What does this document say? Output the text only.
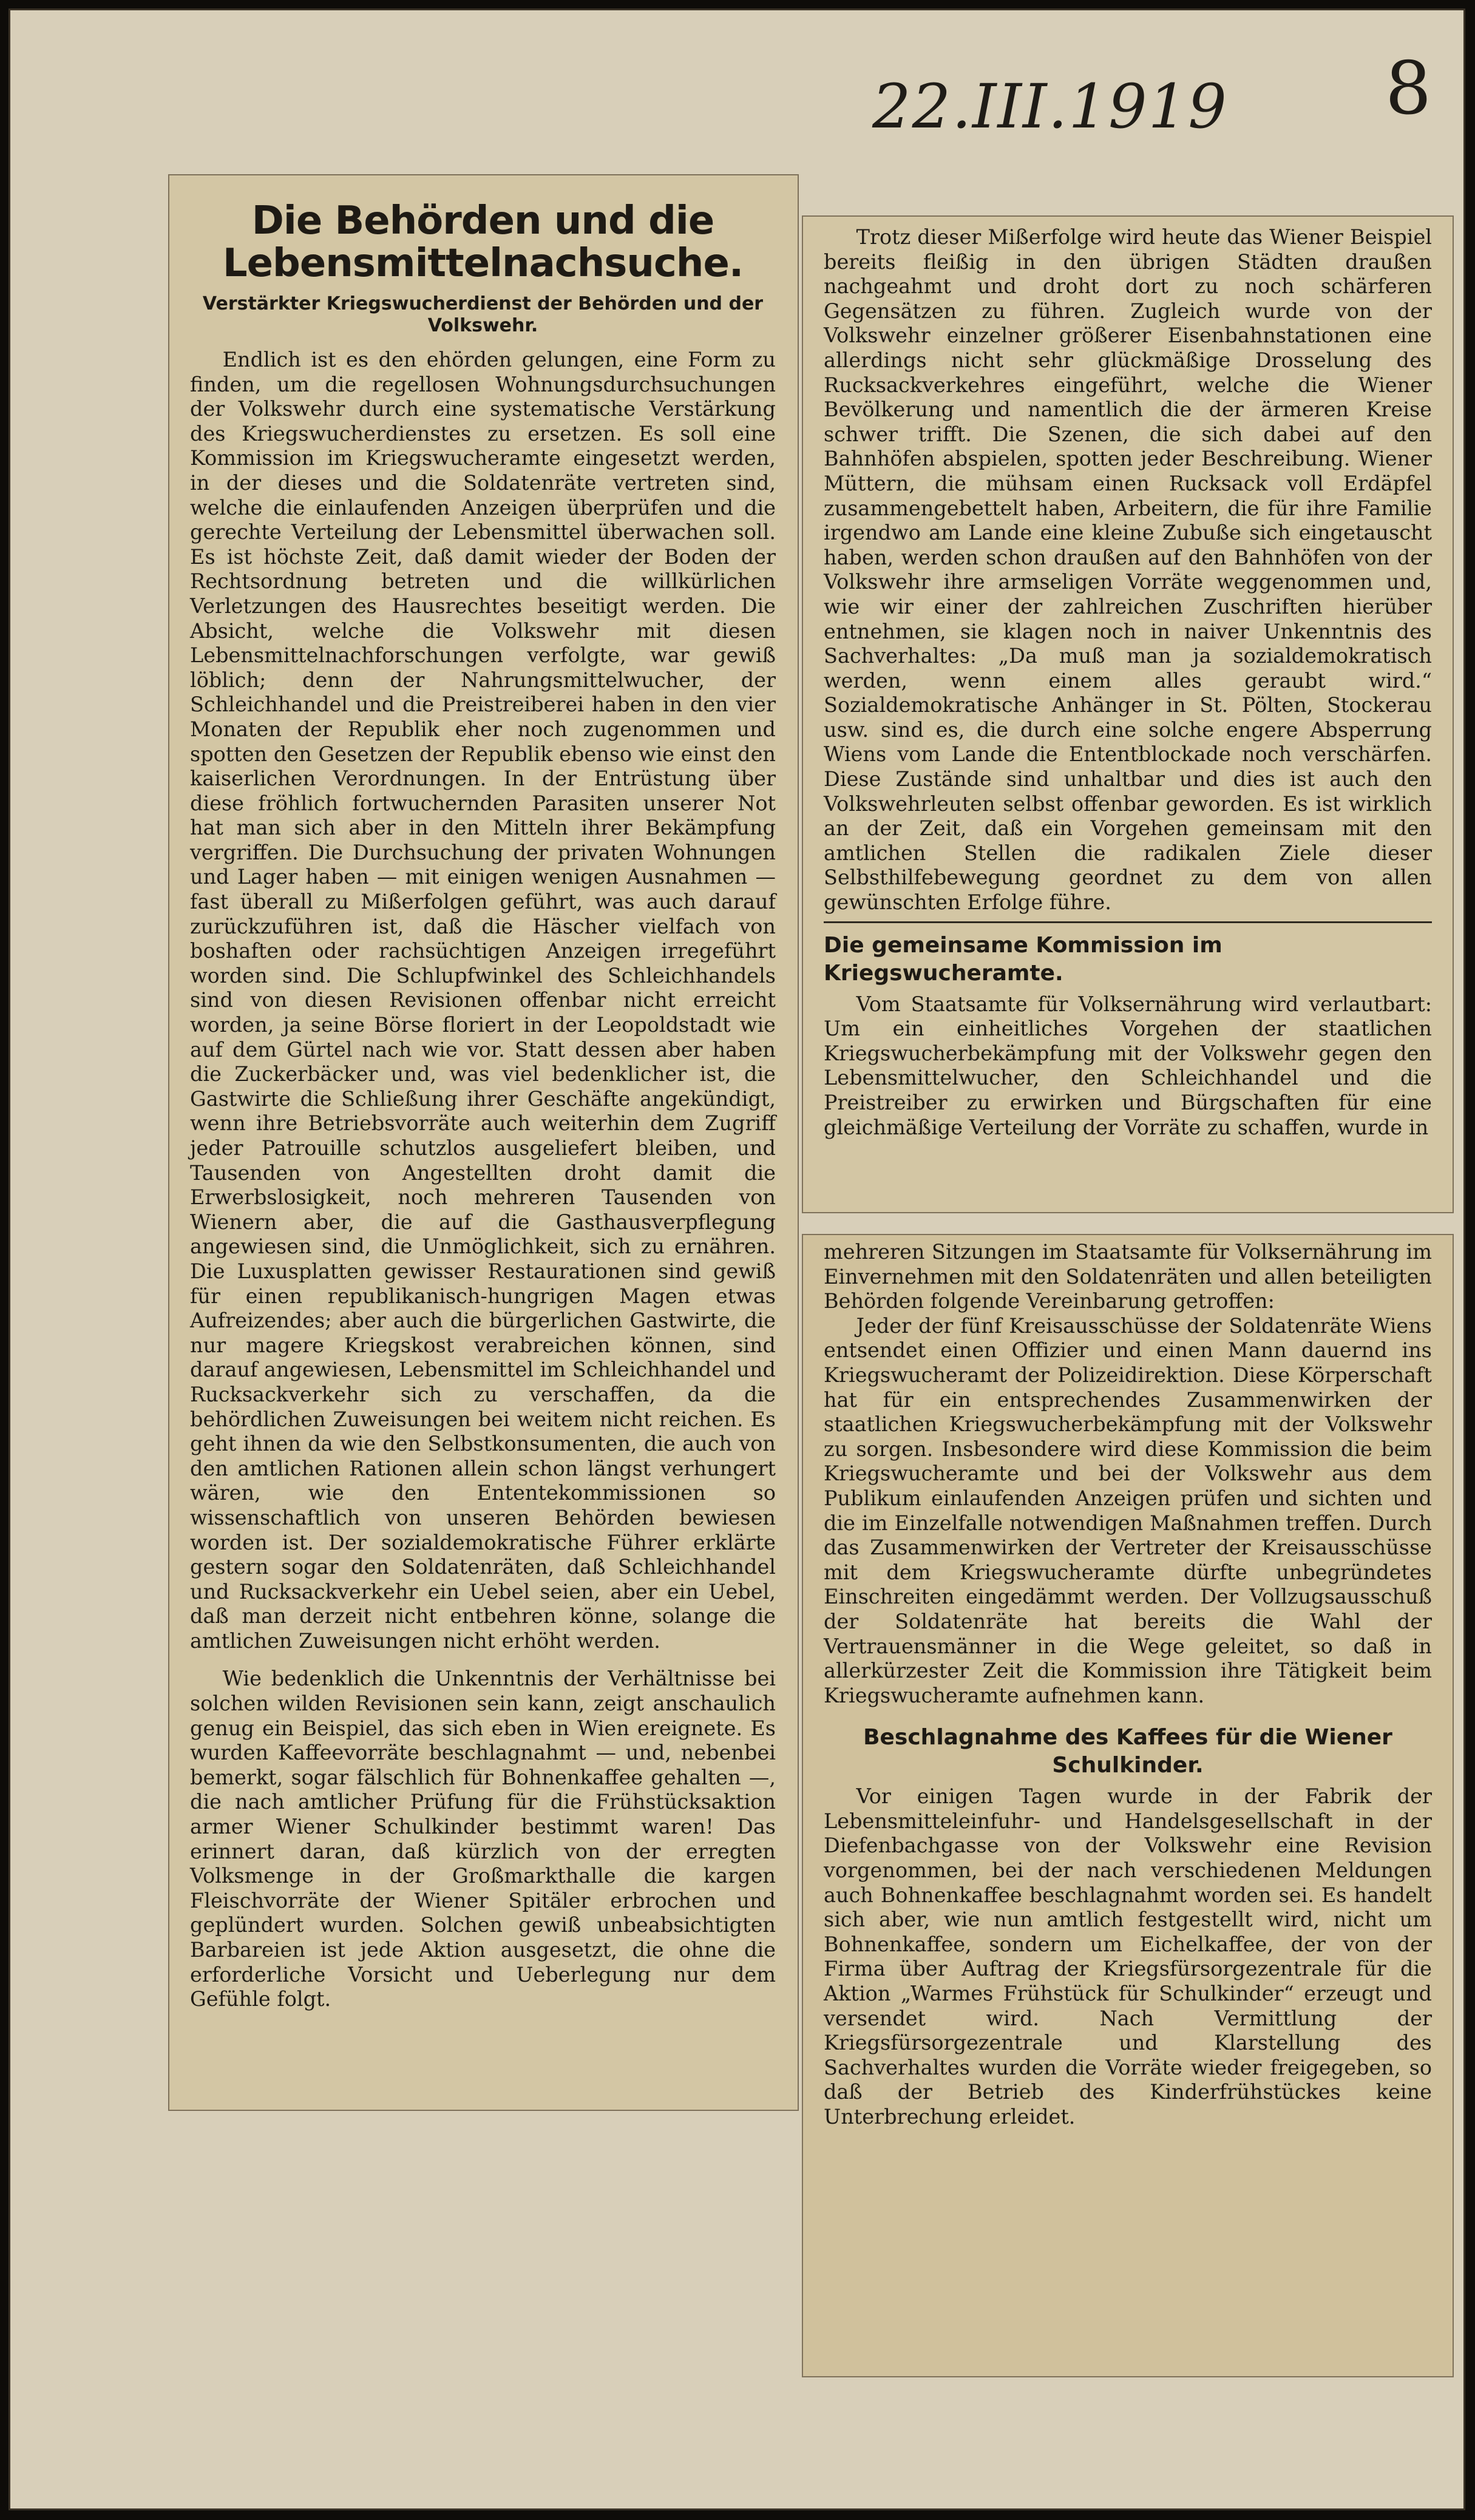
22.III.1919 8
Die Behörden und die Lebensmittelnachsuche.
Verstärkter Kriegswucherdienst der Behörden und der Volkswehr.

Endlich ist es den ehörden gelungen, eine Form zu finden, um die regellosen Wohnungsdurchsuchungen der Volkswehr durch eine systematische Verstärkung des Kriegswucherdienstes zu ersetzen. Es soll eine Kommission im Kriegswucheramte eingesetzt werden, in der dieses und die Soldatenräte vertreten sind, welche die einlaufenden Anzeigen überprüfen und die gerechte Verteilung der Lebensmittel überwachen soll. Es ist höchste Zeit, daß damit wieder der Boden der Rechtsordnung betreten und die willkürlichen Verletzungen des Hausrechtes beseitigt werden. Die Absicht, welche die Volkswehr mit diesen Lebensmittelnachforschungen verfolgte, war gewiß löblich; denn der Nahrungsmittelwucher, der Schleichhandel und die Preistreiberei haben in den vier Monaten der Republik eher noch zugenommen und spotten den Gesetzen der Republik ebenso wie einst den kaiserlichen Verordnungen. In der Entrüstung über diese fröhlich fortwuchernden Parasiten unserer Not hat man sich aber in den Mitteln ihrer Bekämpfung vergriffen. Die Durchsuchung der privaten Wohnungen und Lager haben — mit einigen wenigen Ausnahmen — fast überall zu Mißerfolgen geführt, was auch darauf zurückzuführen ist, daß die Häscher vielfach von boshaften oder rachsüchtigen Anzeigen irregeführt worden sind. Die Schlupfwinkel des Schleichhandels sind von diesen Revisionen offenbar nicht erreicht worden, ja seine Börse floriert in der Leopoldstadt wie auf dem Gürtel nach wie vor. Statt dessen aber haben die Zuckerbäcker und, was viel bedenklicher ist, die Gastwirte die Schließung ihrer Geschäfte angekündigt, wenn ihre Betriebsvorräte auch weiterhin dem Zugriff jeder Patrouille schutzlos ausgeliefert bleiben, und Tausenden von Angestellten droht damit die Erwerbslosigkeit, noch mehreren Tausenden von Wienern aber, die auf die Gasthausverpflegung angewiesen sind, die Unmöglichkeit, sich zu ernähren. Die Luxusplatten gewisser Restaurationen sind gewiß für einen republikanisch-hungrigen Magen etwas Aufreizendes; aber auch die bürgerlichen Gastwirte, die nur magere Kriegskost verabreichen können, sind darauf angewiesen, Lebensmittel im Schleichhandel und Rucksackverkehr sich zu verschaffen, da die behördlichen Zuweisungen bei weitem nicht reichen. Es geht ihnen da wie den Selbstkonsumenten, die auch von den amtlichen Rationen allein schon längst verhungert wären, wie den Ententekommissionen so wissenschaftlich von unseren Behörden bewiesen worden ist. Der sozialdemokratische Führer erklärte gestern sogar den Soldatenräten, daß Schleichhandel und Rucksackverkehr ein Uebel seien, aber ein Uebel, daß man derzeit nicht entbehren könne, solange die amtlichen Zuweisungen nicht erhöht werden.

Wie bedenklich die Unkenntnis der Verhältnisse bei solchen wilden Revisionen sein kann, zeigt anschaulich genug ein Beispiel, das sich eben in Wien ereignete. Es wurden Kaffeevorräte beschlagnahmt — und, nebenbei bemerkt, sogar fälschlich für Bohnenkaffee gehalten —, die nach amtlicher Prüfung für die Frühstücksaktion armer Wiener Schulkinder bestimmt waren! Das erinnert daran, daß kürzlich von der erregten Volksmenge in der Großmarkthalle die kargen Fleischvorräte der Wiener Spitäler erbrochen und geplündert wurden. Solchen gewiß unbeabsichtigten Barbareien ist jede Aktion ausgesetzt, die ohne die erforderliche Vorsicht und Ueberlegung nur dem Gefühle folgt.

Trotz dieser Mißerfolge wird heute das Wiener Beispiel bereits fleißig in den übrigen Städten draußen nachgeahmt und droht dort zu noch schärferen Gegensätzen zu führen. Zugleich wurde von der Volkswehr einzelner größerer Eisenbahnstationen eine allerdings nicht sehr glückmäßige Drosselung des Rucksackverkehres eingeführt, welche die Wiener Bevölkerung und namentlich die der ärmeren Kreise schwer trifft. Die Szenen, die sich dabei auf den Bahnhöfen abspielen, spotten jeder Beschreibung. Wiener Müttern, die mühsam einen Rucksack voll Erdäpfel zusammengebettelt haben, Arbeitern, die für ihre Familie irgendwo am Lande eine kleine Zubuße sich eingetauscht haben, werden schon draußen auf den Bahnhöfen von der Volkswehr ihre armseligen Vorräte weggenommen und, wie wir einer der zahlreichen Zuschriften hierüber entnehmen, sie klagen noch in naiver Unkenntnis des Sachverhaltes: „Da muß man ja sozialdemokratisch werden, wenn einem alles geraubt wird.“ Sozialdemokratische Anhänger in St. Pölten, Stockerau usw. sind es, die durch eine solche engere Absperrung Wiens vom Lande die Ententblockade noch verschärfen. Diese Zustände sind unhaltbar und dies ist auch den Volkswehrleuten selbst offenbar geworden. Es ist wirklich an der Zeit, daß ein Vorgehen gemeinsam mit den amtlichen Stellen die radikalen Ziele dieser Selbsthilfebewegung geordnet zu dem von allen gewünschten Erfolge führe.

Die gemeinsame Kommission im Kriegswucheramte.

Vom Staatsamte für Volksernährung wird verlautbart: Um ein einheitliches Vorgehen der staatlichen Kriegswucherbekämpfung mit der Volkswehr gegen den Lebensmittelwucher, den Schleichhandel und die Preistreiber zu erwirken und Bürgschaften für eine gleichmäßige Verteilung der Vorräte zu schaffen, wurde in

mehreren Sitzungen im Staatsamte für Volksernährung im Einvernehmen mit den Soldatenräten und allen beteiligten Behörden folgende Vereinbarung getroffen:

Jeder der fünf Kreisausschüsse der Soldatenräte Wiens entsendet einen Offizier und einen Mann dauernd ins Kriegswucheramt der Polizeidirektion. Diese Körperschaft hat für ein entsprechendes Zusammenwirken der staatlichen Kriegswucherbekämpfung mit der Volkswehr zu sorgen. Insbesondere wird diese Kommission die beim Kriegswucheramte und bei der Volkswehr aus dem Publikum einlaufenden Anzeigen prüfen und sichten und die im Einzelfalle notwendigen Maßnahmen treffen. Durch das Zusammenwirken der Vertreter der Kreisausschüsse mit dem Kriegswucheramte dürfte unbegründetes Einschreiten eingedämmt werden. Der Vollzugsausschuß der Soldatenräte hat bereits die Wahl der Vertrauensmänner in die Wege geleitet, so daß in allerkürzester Zeit die Kommission ihre Tätigkeit beim Kriegswucheramte aufnehmen kann.

Beschlagnahme des Kaffees für die Wiener Schulkinder.

Vor einigen Tagen wurde in der Fabrik der Lebensmitteleinfuhr- und Handelsgesellschaft in der Diefenbachgasse von der Volkswehr eine Revision vorgenommen, bei der nach verschiedenen Meldungen auch Bohnenkaffee beschlagnahmt worden sei. Es handelt sich aber, wie nun amtlich festgestellt wird, nicht um Bohnenkaffee, sondern um Eichelkaffee, der von der Firma über Auftrag der Kriegsfürsorgezentrale für die Aktion „Warmes Frühstück für Schulkinder“ erzeugt und versendet wird. Nach Vermittlung der Kriegsfürsorgezentrale und Klarstellung des Sachverhaltes wurden die Vorräte wieder freigegeben, so daß der Betrieb des Kinderfrühstückes keine Unterbrechung erleidet.
